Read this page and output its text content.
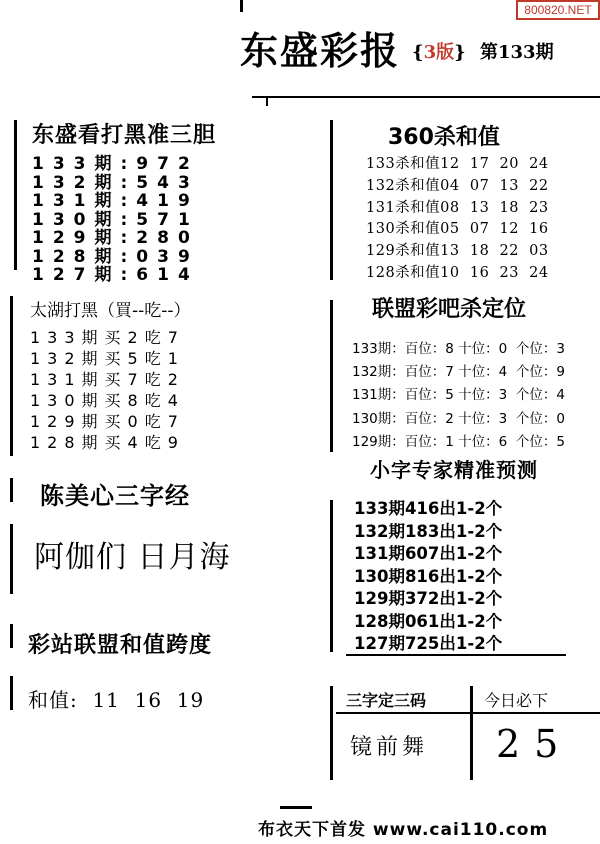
800820.NET
东盛彩报 {3版} 第133期
东盛看打黑准三胆
133期:972
132期:543
131期:419
130期:571
129期:280
128期:039
127期:614
太湖打黑（買--吃--）
133期买2吃7
132期买5吃1
131期买7吃2
130期买8吃4
129期买0吃7
128期买4吃9
陈美心三字经
阿伽们 日月海
彩站联盟和值跨度
和值:  11  16  19
360杀和值
133杀和值12  17  20  24
132杀和值04  07  13  22
131杀和值08  13  18  23
130杀和值05  07  12  16
129杀和值13  18  22  03
128杀和值10  16  23  24
联盟彩吧杀定位
133期：百位：8 十位：0  个位：3
132期：百位：7 十位：4  个位：9
131期：百位：5 十位：3  个位：4
130期：百位：2 十位：3  个位：0
129期：百位：1 十位：6  个位：5
小字专家精准预测
133期416出1-2个
132期183出1-2个
131期607出1-2个
130期816出1-2个
129期372出1-2个
128期061出1-2个
127期725出1-2个
三字定三码
镜前舞
今日必下
25
布衣天下首发 www.cai110.com
